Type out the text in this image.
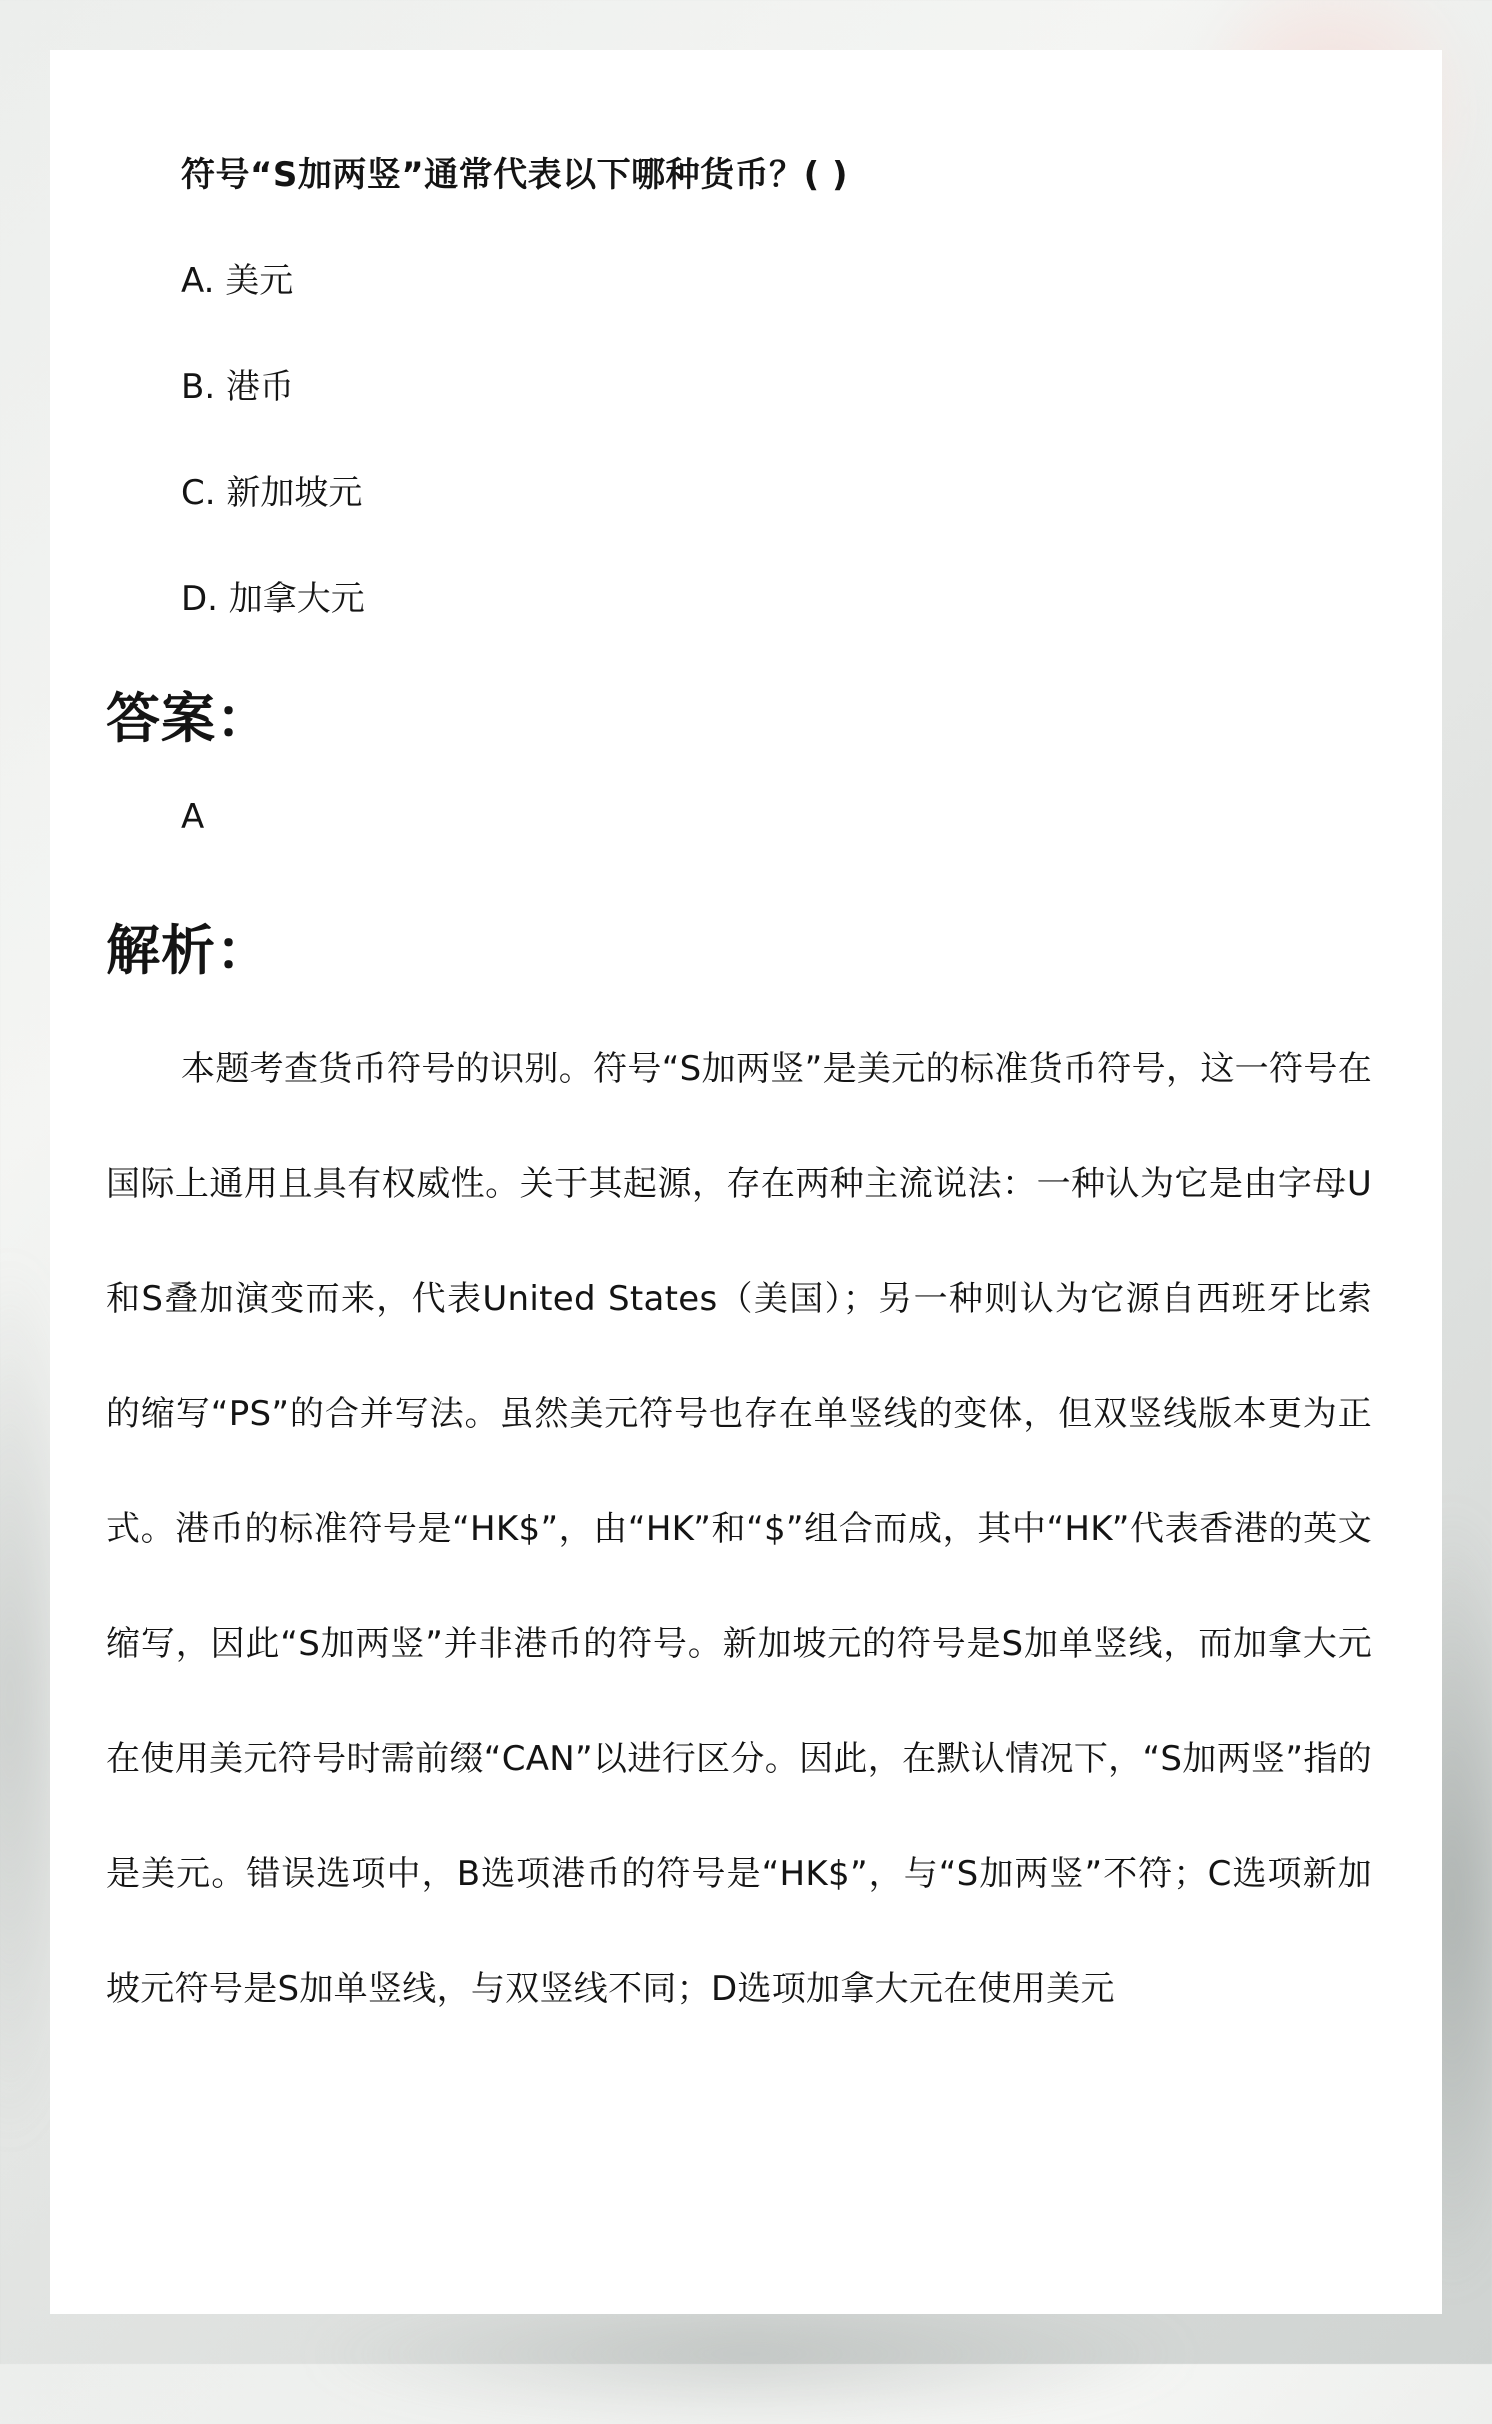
符号“S加两竖”通常代表以下哪种货币？( )
A. 美元
B. 港币
C. 新加坡元
D. 加拿大元
答案：
A
解析：

本题考查货币符号的识别。符号“S加两竖”是美元的标准货币符号，这一符号在国际上通用且具有权威性。关于其起源，存在两种主流说法：一种认为它是由字母U和S叠加演变而来，代表United States（美国）；另一种则认为它源自西班牙比索的缩写“PS”的合并写法。虽然美元符号也存在单竖线的变体，但双竖线版本更为正式。港币的标准符号是“HK$”，由“HK”和“$”组合而成，其中“HK”代表香港的英文缩写，因此“S加两竖”并非港币的符号。新加坡元的符号是S加单竖线，而加拿大元在使用美元符号时需前缀“CAN”以进行区分。因此，在默认情况下，“S加两竖”指的是美元。错误选项中，B选项港币的符号是“HK$”，与“S加两竖”不符；C选项新加坡元符号是S加单竖线，与双竖线不同；D选项加拿大元在使用美元
